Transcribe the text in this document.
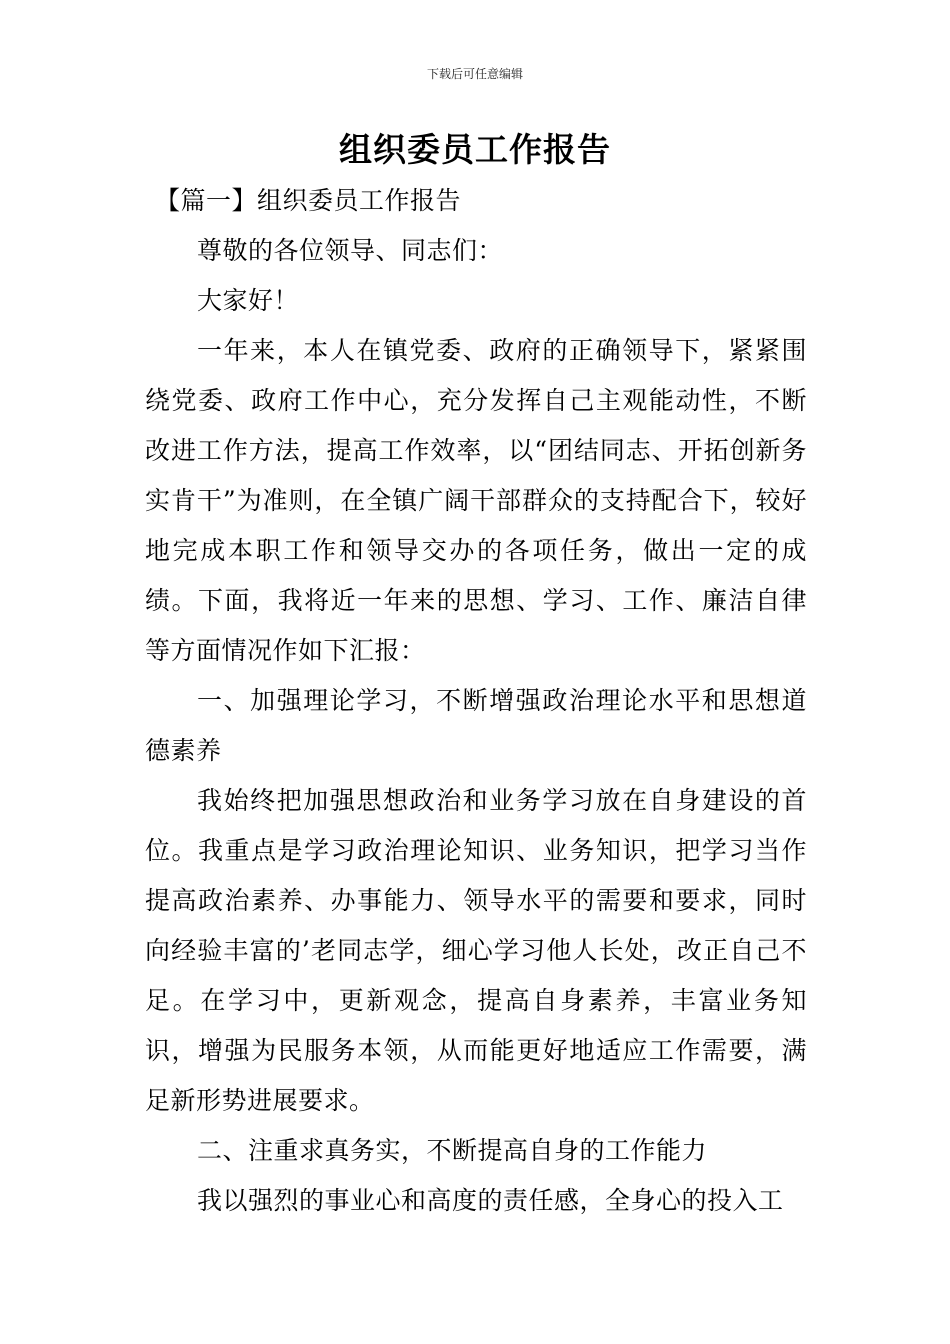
下载后可任意编辑
组织委员工作报告

【篇一】组织委员工作报告

尊敬的各位领导、同志们：

大家好！

一年来，本人在镇党委、政府的正确领导下，紧紧围绕党委、政府工作中心，充分发挥自己主观能动性，不断改进工作方法，提高工作效率，以“团结同志、开拓创新务实肯干”为准则，在全镇广阔干部群众的支持配合下，较好地完成本职工作和领导交办的各项任务，做出一定的成绩。下面，我将近一年来的思想、学习、工作、廉洁自律等方面情况作如下汇报：

一、加强理论学习，不断增强政治理论水平和思想道德素养

我始终把加强思想政治和业务学习放在自身建设的首位。我重点是学习政治理论知识、业务知识，把学习当作提高政治素养、办事能力、领导水平的需要和要求，同时向经验丰富的’老同志学，细心学习他人长处，改正自己不足。在学习中，更新观念，提高自身素养，丰富业务知识，增强为民服务本领，从而能更好地适应工作需要，满足新形势进展要求。

二、注重求真务实，不断提高自身的工作能力

我以强烈的事业心和高度的责任感，全身心的投入工
